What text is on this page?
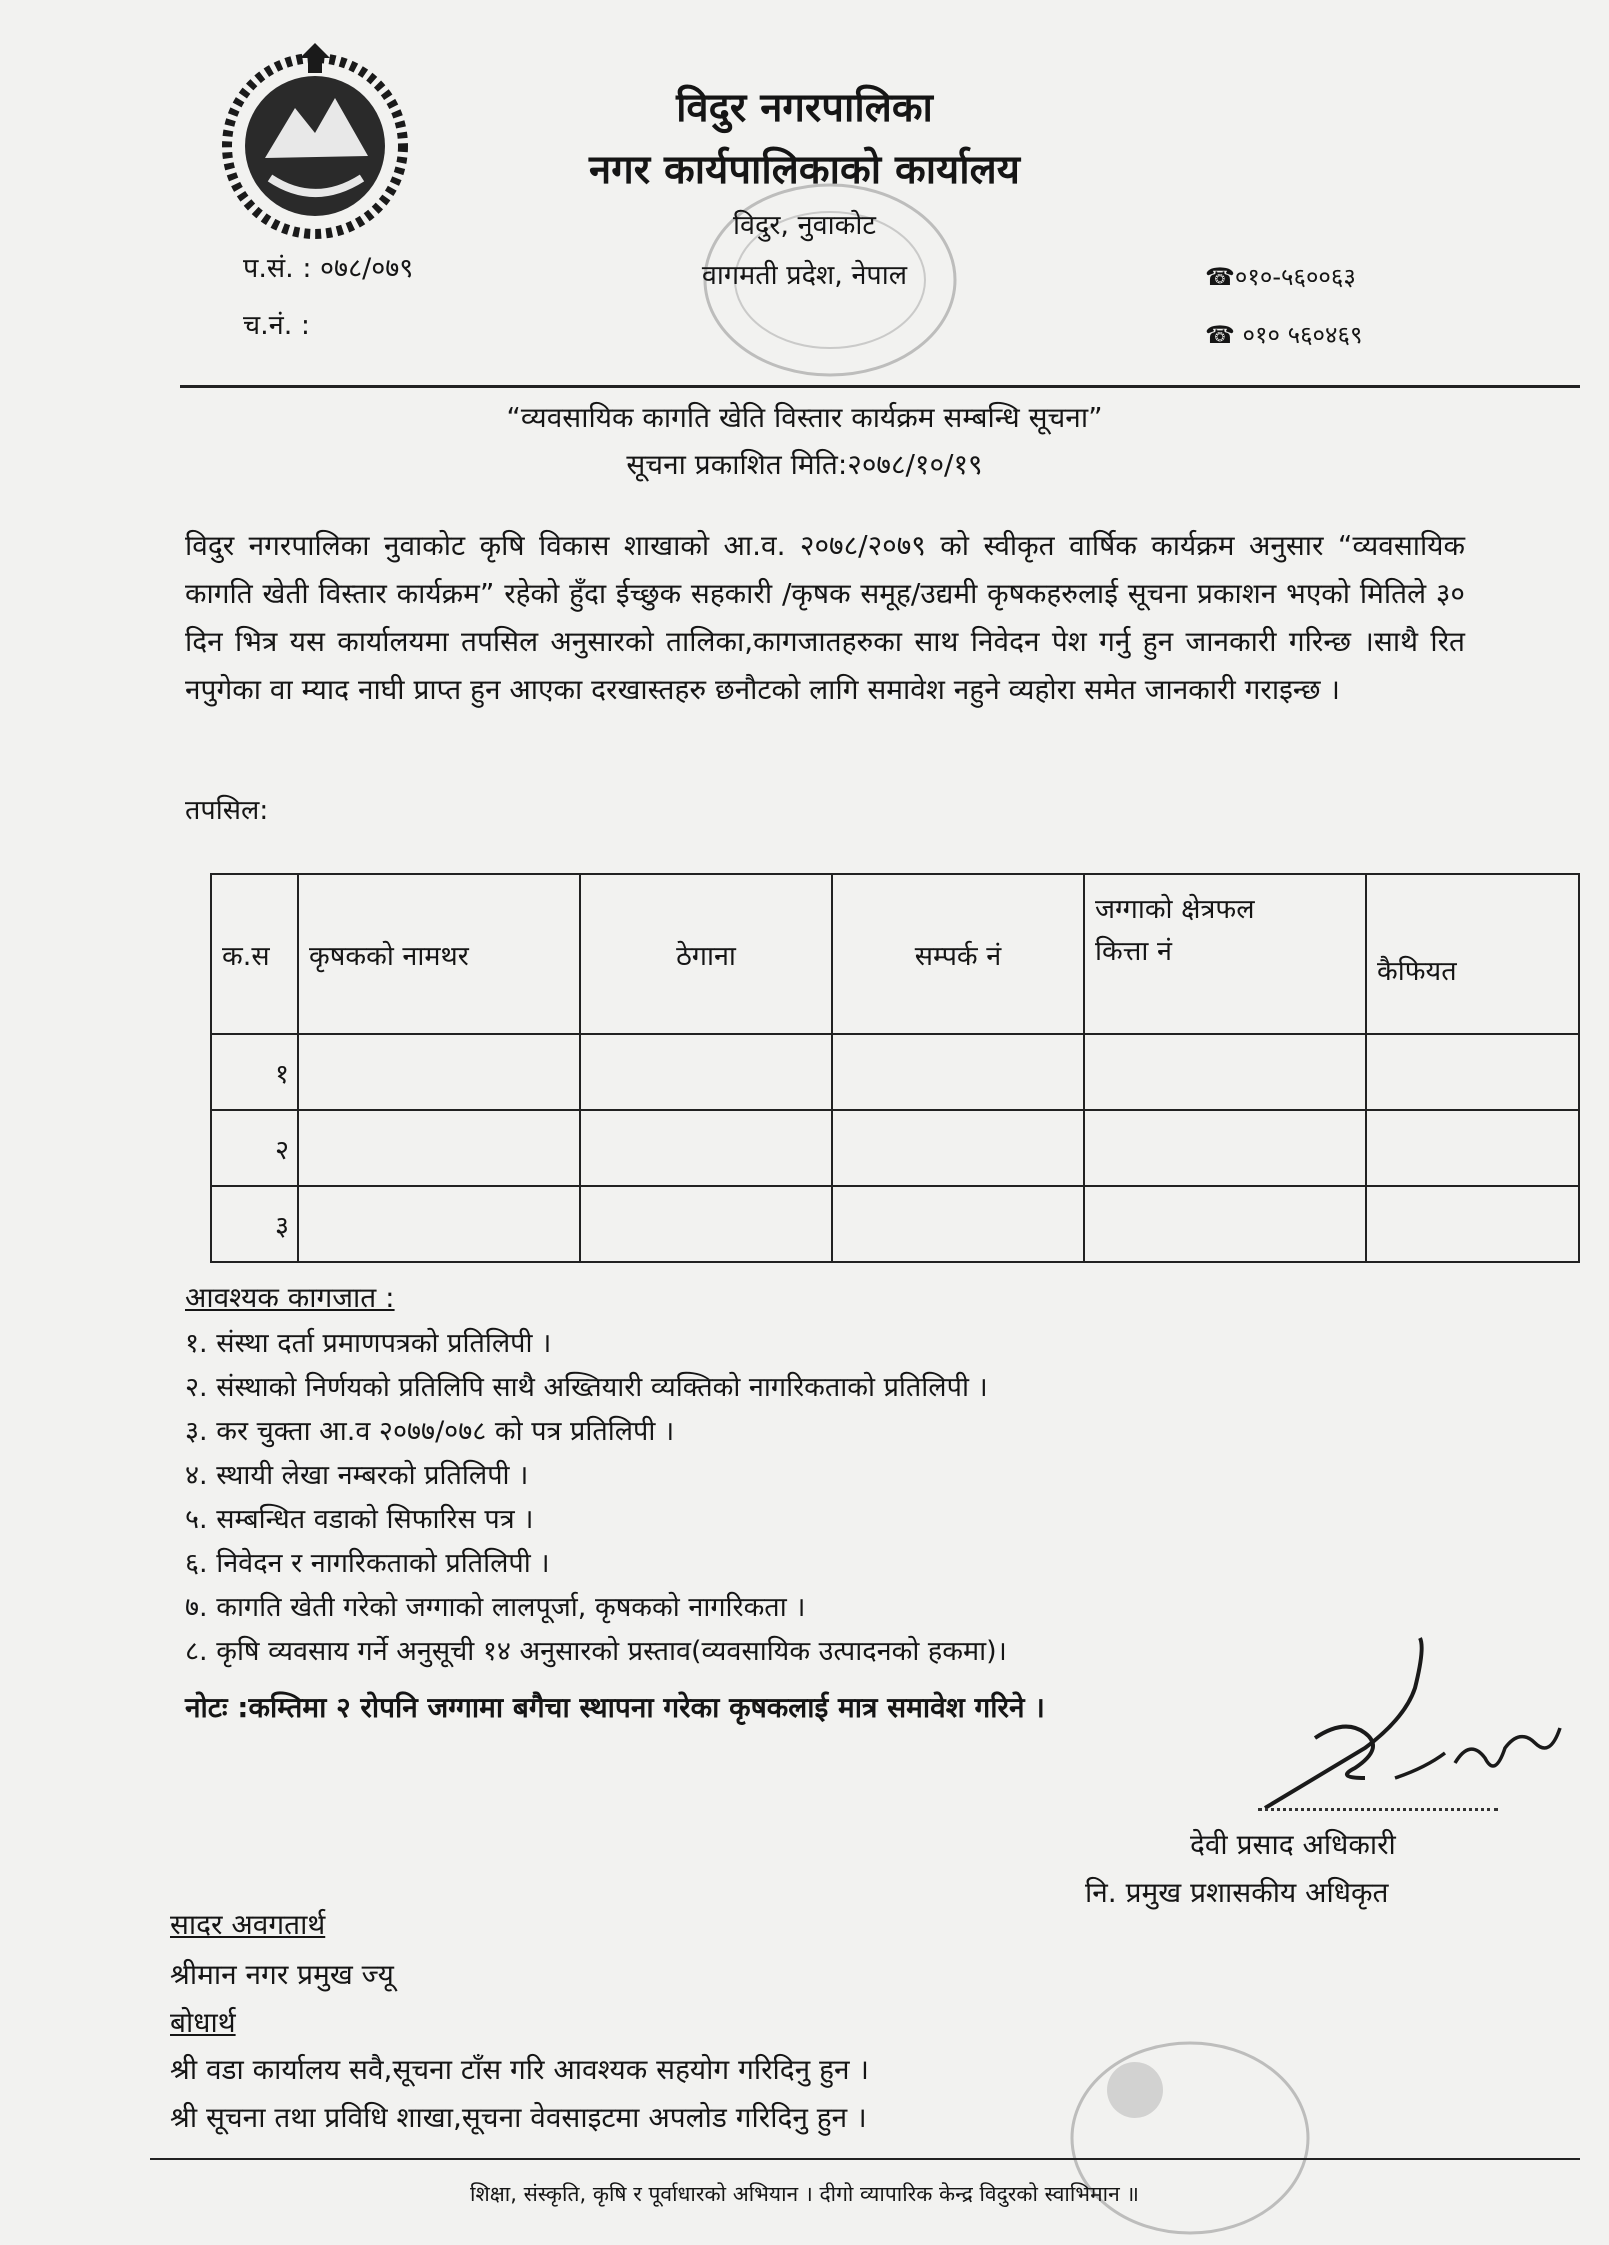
विदुर नगरपालिका
नगर कार्यपालिकाको कार्यालय
विदुर, नुवाकोट
वागमती प्रदेश, नेपाल
प.सं. : ०७८/०७९
च.नं. :
☎०१०-५६००६३
☎ ०१० ५६०४६९
“व्यवसायिक कागति खेति विस्तार कार्यक्रम सम्बन्धि सूचना”
सूचना प्रकाशित मिति:२०७८/१०/१९
विदुर नगरपालिका नुवाकोट कृषि विकास शाखाको आ.व. २०७८/२०७९ को स्वीकृत वार्षिक कार्यक्रम अनुसार “व्यवसायिक कागति खेती विस्तार कार्यक्रम” रहेको हुँदा ईच्छुक सहकारी /कृषक समूह/उद्यमी कृषकहरुलाई सूचना प्रकाशन भएको मितिले ३० दिन भित्र यस कार्यालयमा तपसिल अनुसारको तालिका,कागजातहरुका साथ निवेदन पेश गर्नु हुन जानकारी गरिन्छ ।साथै रित नपुगेका वा म्याद नाघी प्राप्त हुन आएका दरखास्तहरु छनौटको लागि समावेश नहुने व्यहोरा समेत जानकारी गराइन्छ ।
तपसिल:
क.स	कृषकको नामथर	ठेगाना	सम्पर्क नं	जग्गाको क्षेत्रफल
कित्ता नं	कैफियत
१					
२					
३					
आवश्यक कागजात :
१. संस्था दर्ता प्रमाणपत्रको प्रतिलिपी ।
२. संस्थाको निर्णयको प्रतिलिपि साथै अख्तियारी व्यक्तिको नागरिकताको प्रतिलिपी ।
३. कर चुक्ता आ.व २०७७/०७८ को पत्र प्रतिलिपी ।
४. स्थायी लेखा नम्बरको प्रतिलिपी ।
५. सम्बन्धित वडाको सिफारिस पत्र ।
६. निवेदन र नागरिकताको प्रतिलिपी ।
७. कागति खेती गरेको जग्गाको लालपूर्जा, कृषकको नागरिकता ।
८. कृषि व्यवसाय गर्ने अनुसूची १४ अनुसारको प्रस्ताव(व्यवसायिक उत्पादनको हकमा)।
नोटः :कम्तिमा २ रोपनि जग्गामा बगैचा स्थापना गरेका कृषकलाई मात्र समावेश गरिने ।
देवी प्रसाद अधिकारी
नि. प्रमुख प्रशासकीय अधिकृत
सादर अवगतार्थ
श्रीमान नगर प्रमुख ज्यू
बोधार्थ
श्री वडा कार्यालय सवै,सूचना टाँस गरि आवश्यक सहयोग गरिदिनु हुन ।
श्री सूचना तथा प्रविधि शाखा,सूचना वेवसाइटमा अपलोड गरिदिनु हुन ।
शिक्षा, संस्कृति, कृषि र पूर्वाधारको अभियान । दीगो व्यापारिक केन्द्र विदुरको स्वाभिमान ॥
